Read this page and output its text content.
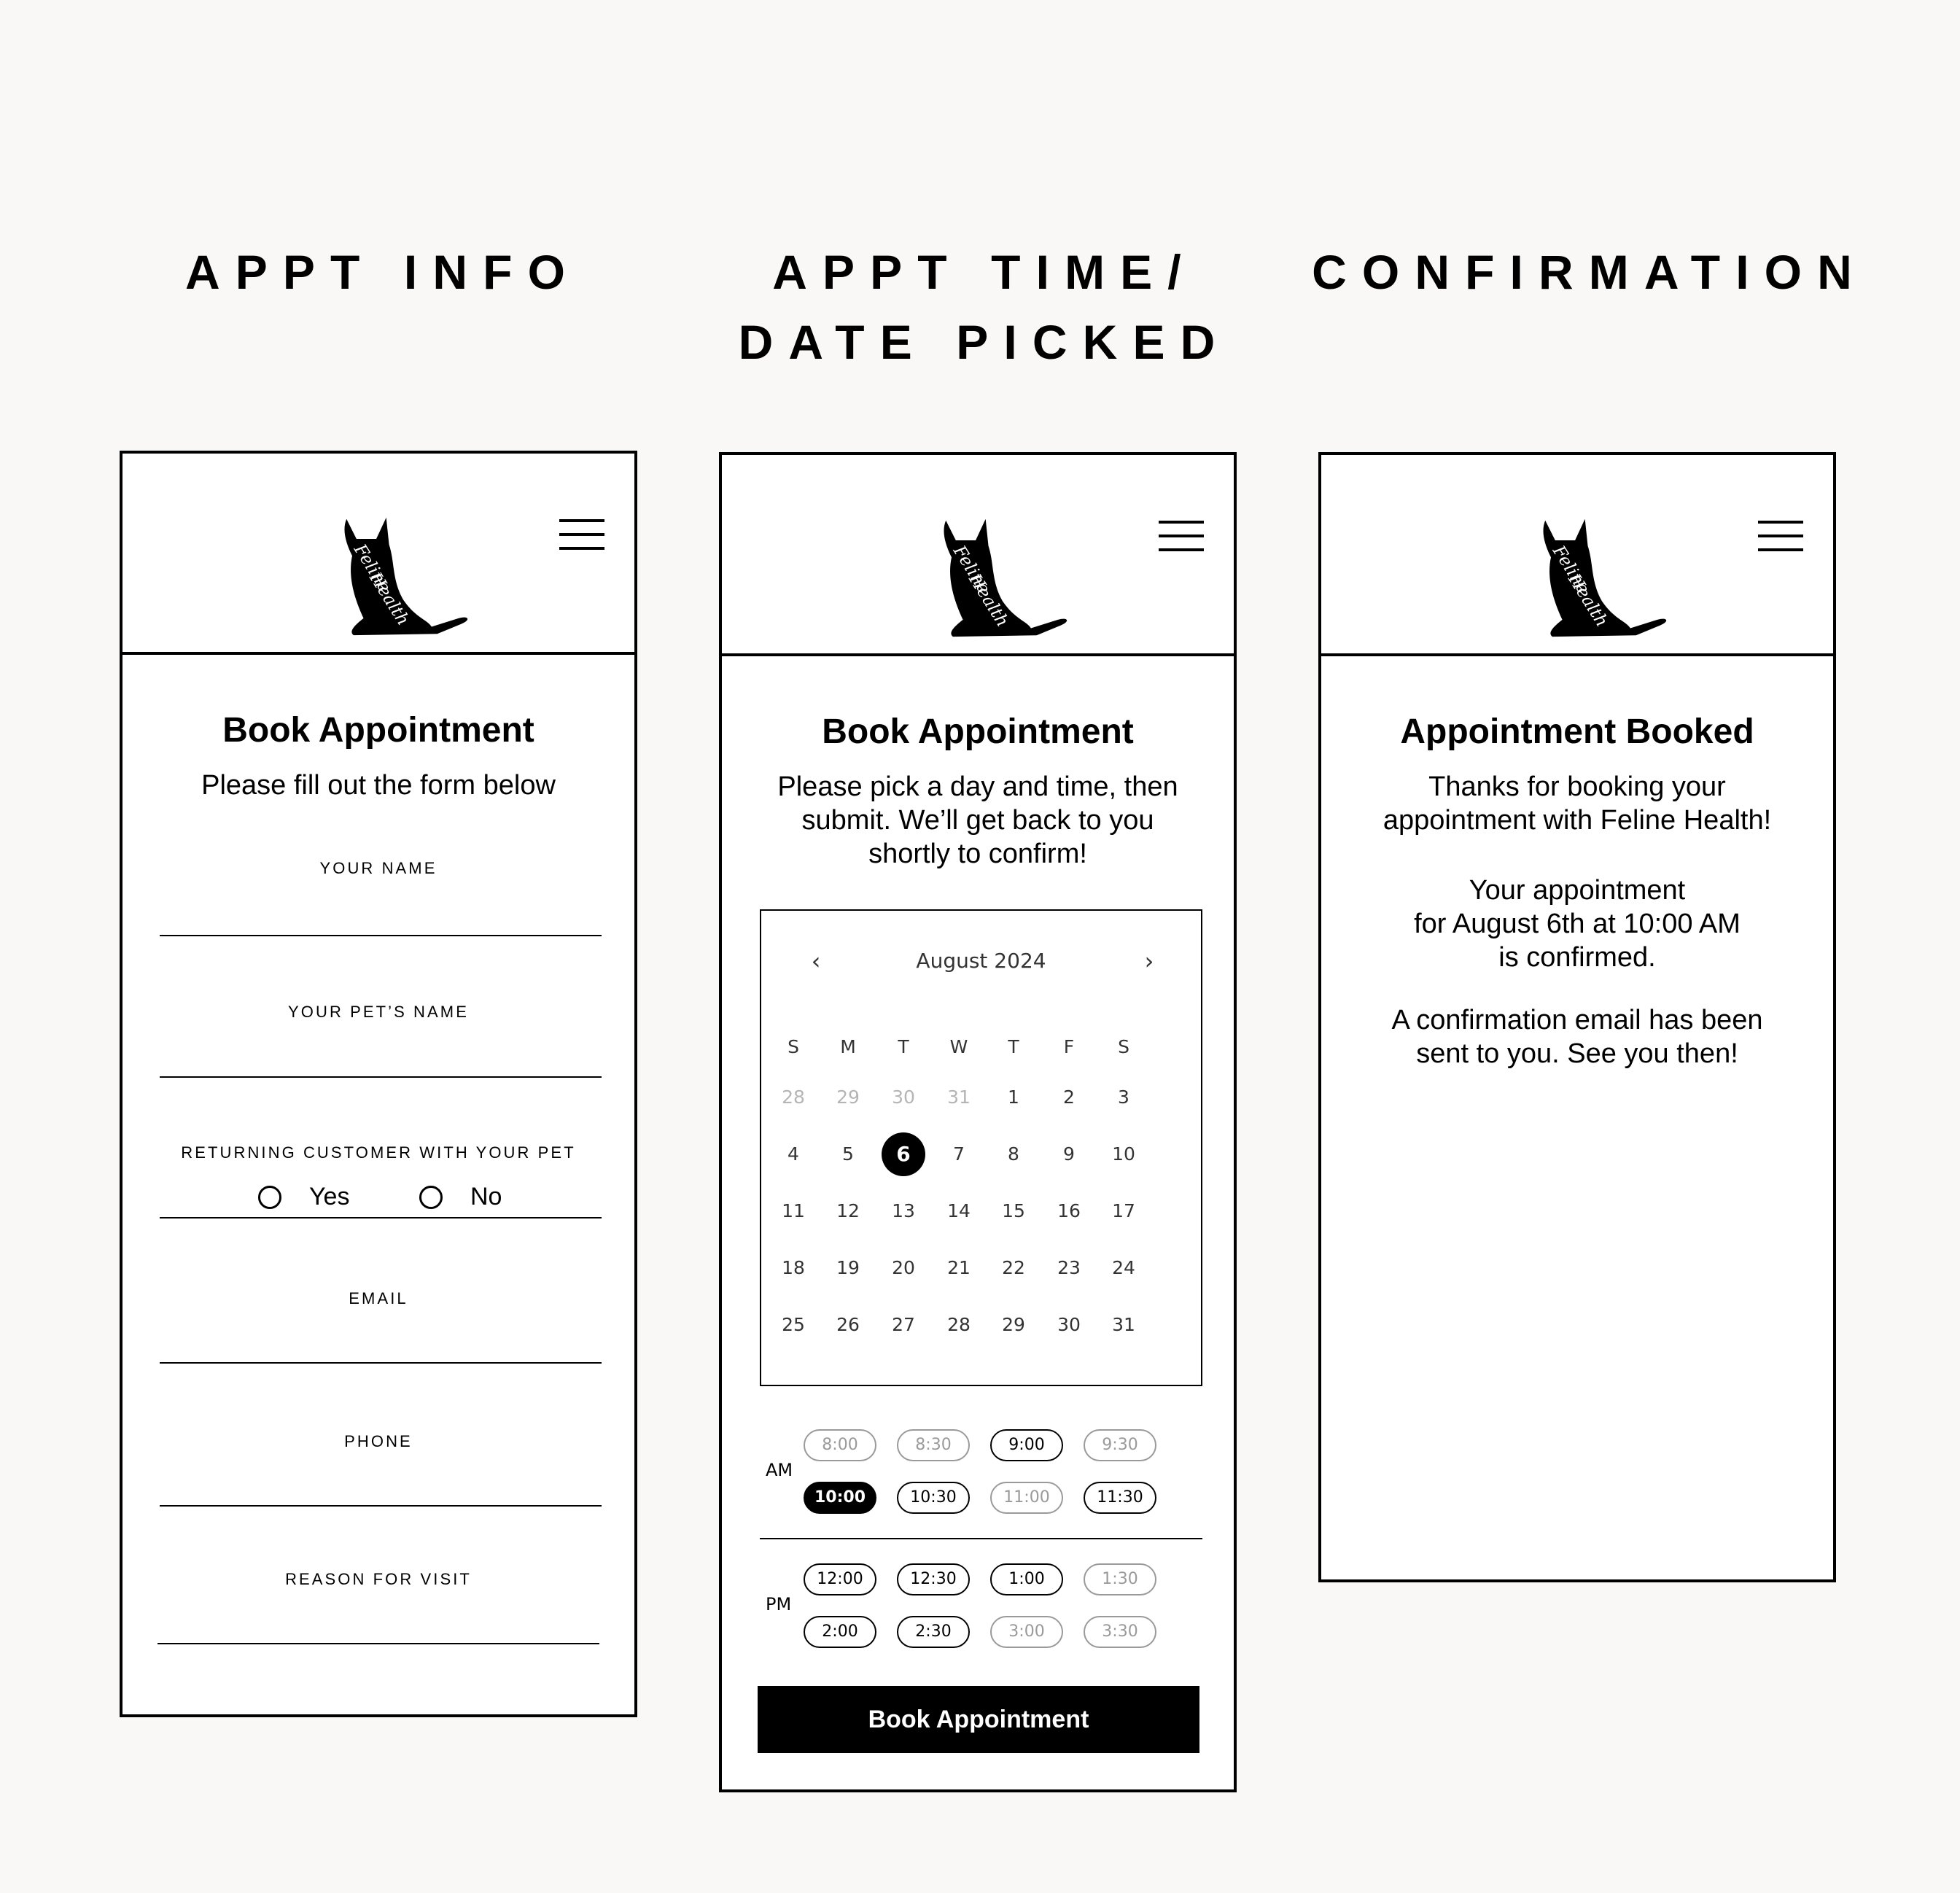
APPT INFO	APPT TIME/
DATE PICKED
CONFIRMATION
Book Appointment
Please fill out the form below
YOUR NAME
YOUR PET’S NAME
RETURNING CUSTOMER WITH YOUR PET
Yes	No
EMAIL
PHONE
REASON FOR VISIT
Book Appointment
Please pick a day and time, then
submit. We’ll get back to you
shortly to confirm!
‹	August 2024	›
S	M	T	W	T	F	S
28	29	30	31	1	2	3
4	5	6	7	8	9	10
11	12	13	14	15	16	17
18	19	20	21	22	23	24
25	26	27	28	29	30	31
AM
8:00	8:30	9:00	9:30
10:00	10:30	11:00	11:30
PM
12:00	12:30	1:00	1:30
2:00	2:30	3:00	3:30
Book Appointment
Appointment Booked
Thanks for booking your
appointment with Feline Health!
Your appointment
for August 6th at 10:00 AM
is confirmed.
A confirmation email has been
sent to you. See you then!
